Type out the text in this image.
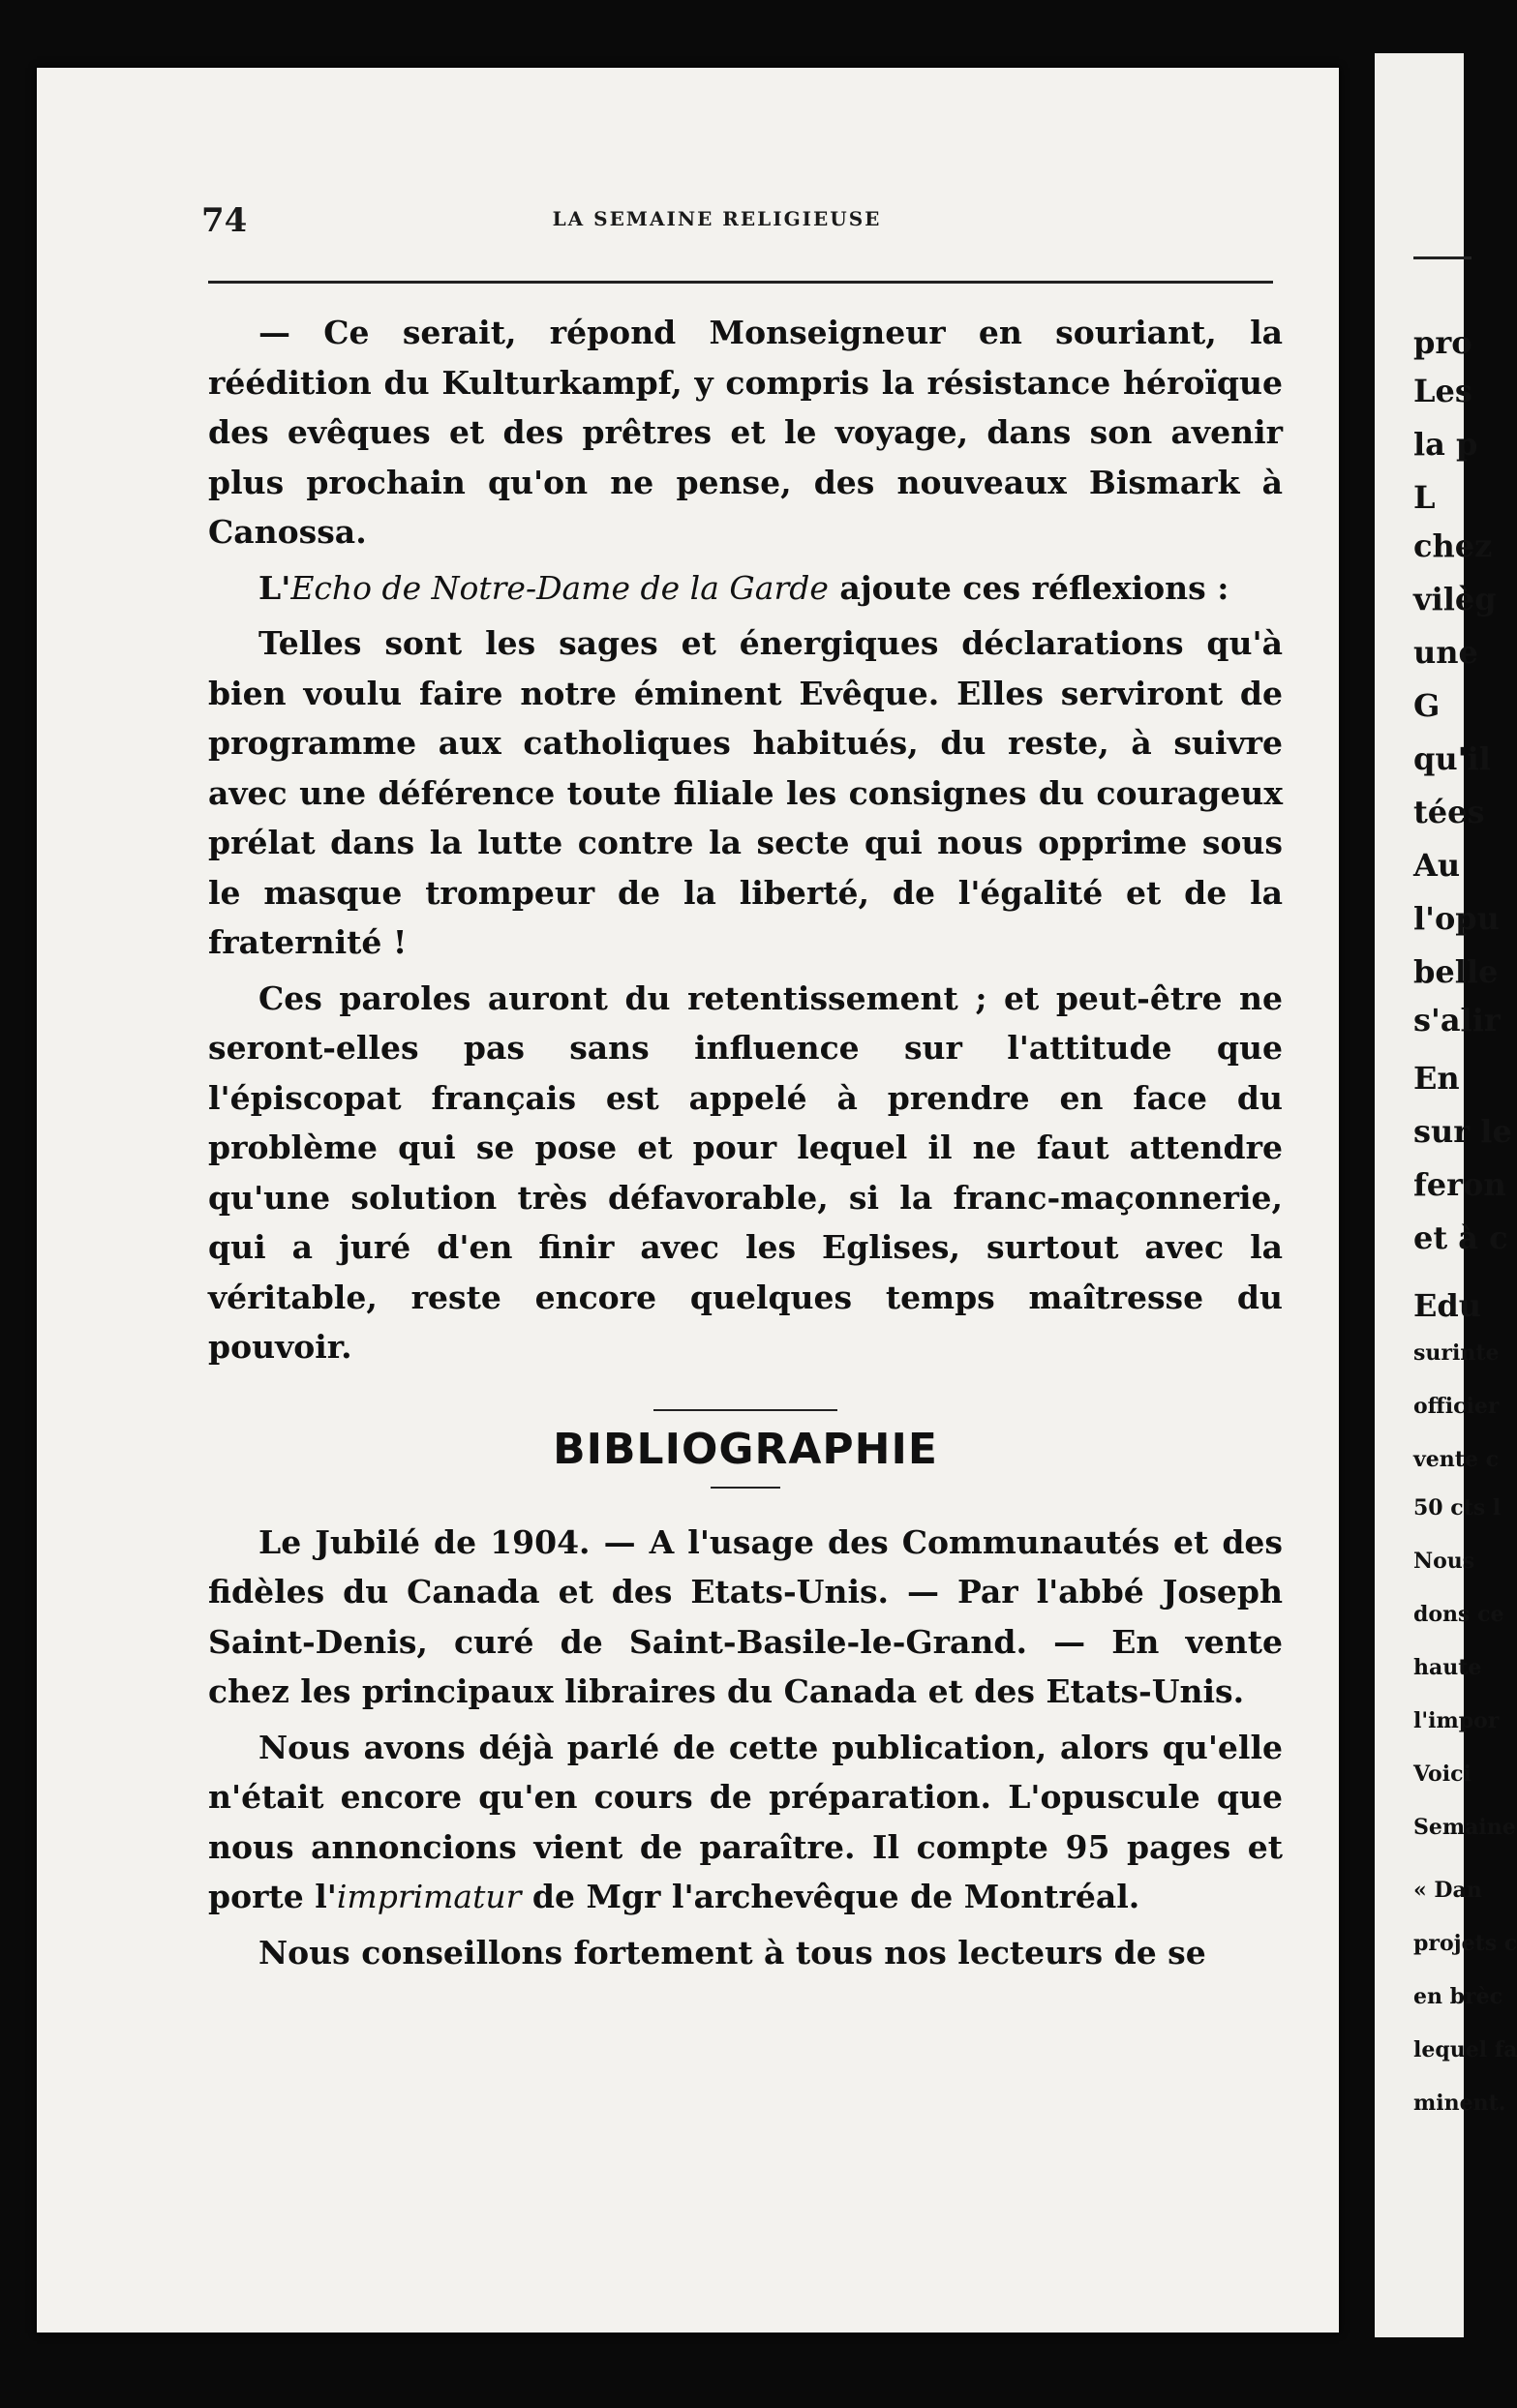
74	LA SEMAINE RELIGIEUSE

— Ce serait, répond Monseigneur en souriant, la réédition du Kulturkampf, y compris la résistance héroïque des evêques et des prêtres et le voyage, dans son avenir plus prochain qu'on ne pense, des nouveaux Bismark à Canossa.

L'Echo de Notre-Dame de la Garde ajoute ces réflexions :

Telles sont les sages et énergiques déclarations qu'à bien voulu faire notre éminent Evêque. Elles serviront de programme aux catholiques habitués, du reste, à suivre avec une déférence toute filiale les consignes du courageux prélat dans la lutte contre la secte qui nous opprime sous le masque trompeur de la liberté, de l'égalité et de la fraternité !

Ces paroles auront du retentissement ; et peut-être ne seront-elles pas sans influence sur l'attitude que l'épiscopat français est appelé à prendre en face du problème qui se pose et pour lequel il ne faut attendre qu'une solution très défavorable, si la franc-maçonnerie, qui a juré d'en finir avec les Eglises, surtout avec la véritable, reste encore quelques temps maîtresse du pouvoir.

BIBLIOGRAPHIE

Le Jubilé de 1904. — A l'usage des Communautés et des fidèles du Canada et des Etats-Unis. — Par l'abbé Joseph Saint-Denis, curé de Saint-Basile-le-Grand. — En vente chez les principaux libraires du Canada et des Etats-Unis.

Nous avons déjà parlé de cette publication, alors qu'elle n'était encore qu'en cours de préparation. L'opuscule que nous annoncions vient de paraître. Il compte 95 pages et porte l'imprimatur de Mgr l'archevêque de Montréal.

Nous conseillons fortement à tous nos lecteurs de se

pro
Les
la p
L
chez
vilèg
une
G
qu'il
tées
Au
l'opu
belle
s'alir
En
sur le
feron
et à c
Edu
surinte
officier
vente c
50 cts l
Nous
dons ce
haute
l'impor
Voici
Semaine
« Dan
projets c
en brèc
lequel fa
minent.
